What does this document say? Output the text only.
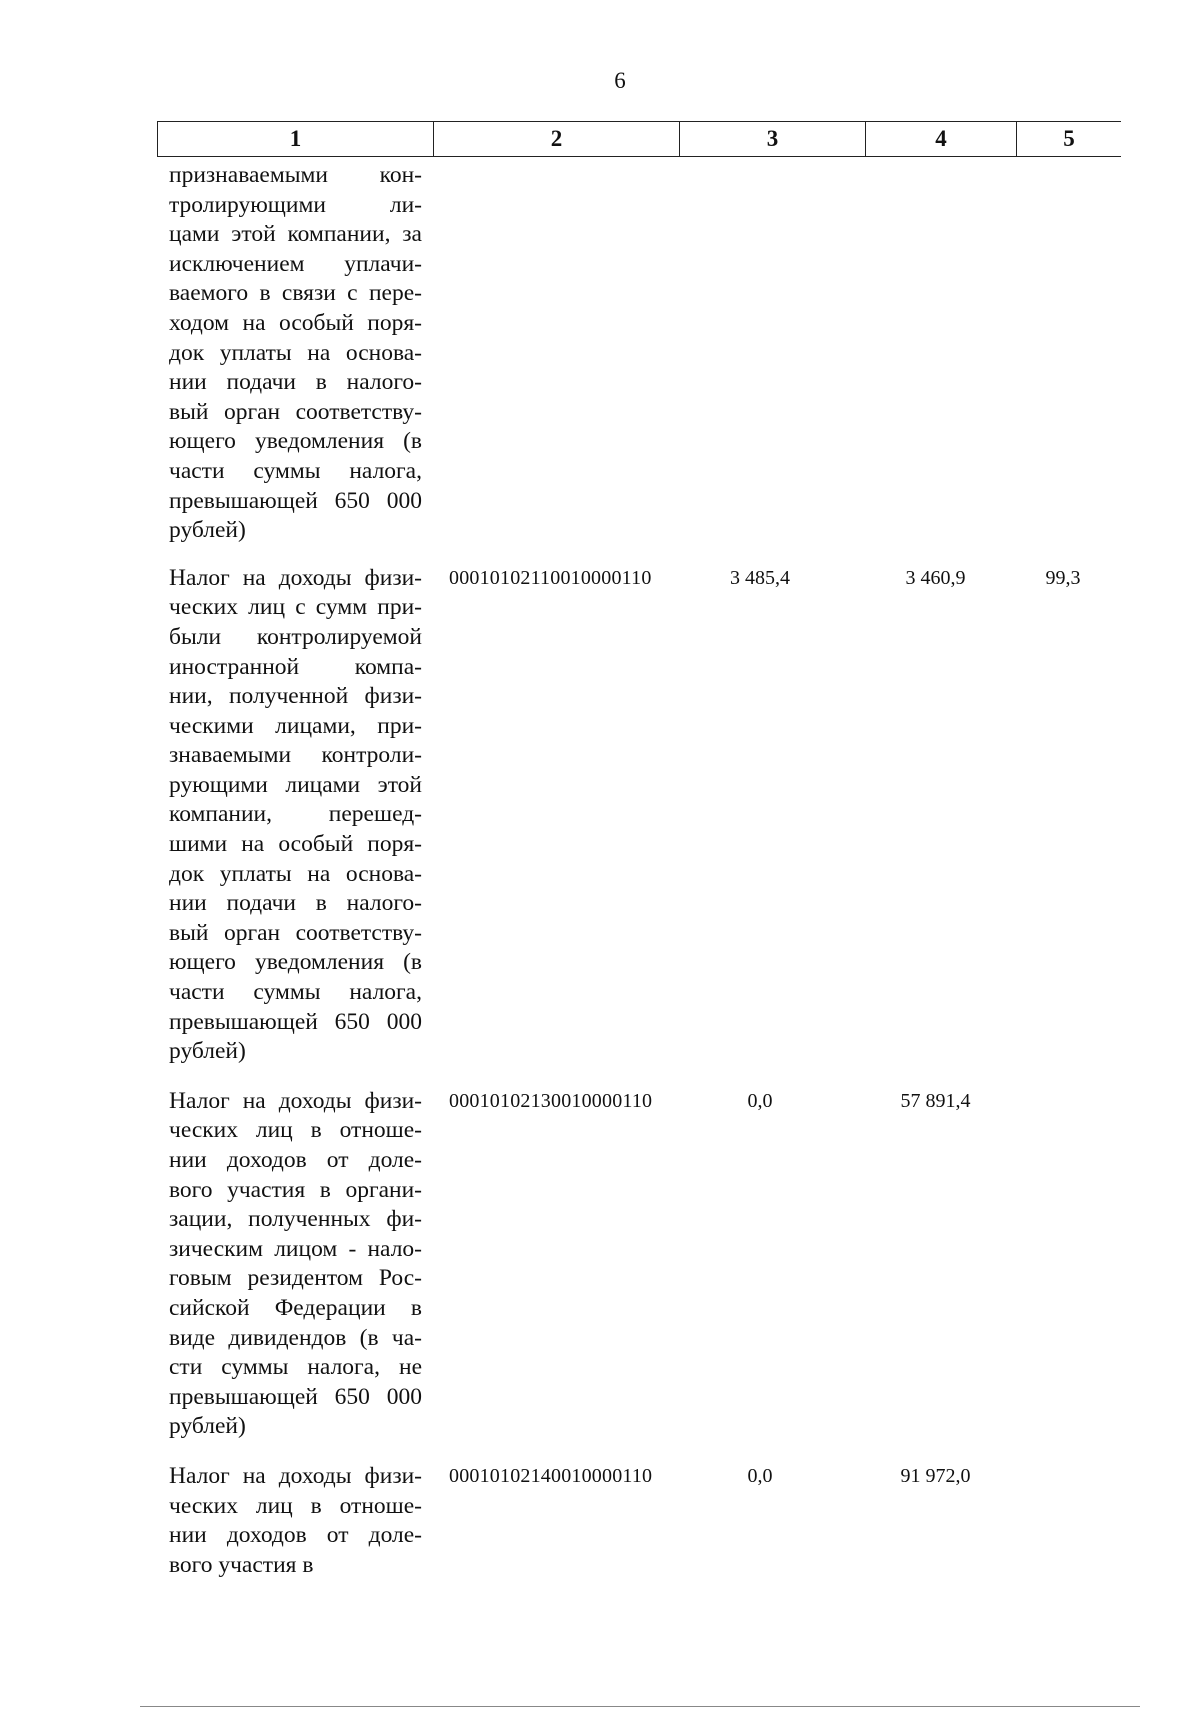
6
1	2	3	4	5
признаваемыми кон-
тролирующими ли-
цами этой компании, за
исключением уплачи-
ваемого в связи с пере-
ходом на особый поря-
док уплаты на основа-
нии подачи в налого-
вый орган соответству-
ющего уведомления (в
части суммы налога,
превышающей 650 000
рублей)
Налог на доходы физи-
ческих лиц с сумм при-
были контролируемой
иностранной компа-
нии, полученной физи-
ческими лицами, при-
знаваемыми контроли-
рующими лицами этой
компании, перешед-
шими на особый поря-
док уплаты на основа-
нии подачи в налого-
вый орган соответству-
ющего уведомления (в
части суммы налога,
превышающей 650 000
рублей)
00010102110010000110	3 485,4	3 460,9	99,3
Налог на доходы физи-
ческих лиц в отноше-
нии доходов от доле-
вого участия в органи-
зации, полученных фи-
зическим лицом - нало-
говым резидентом Рос-
сийской Федерации в
виде дивидендов (в ча-
сти суммы налога, не
превышающей 650 000
рублей)
00010102130010000110	0,0	57 891,4
Налог на доходы физи-
ческих лиц в отноше-
нии доходов от доле-
вого участия в
00010102140010000110	0,0	91 972,0
